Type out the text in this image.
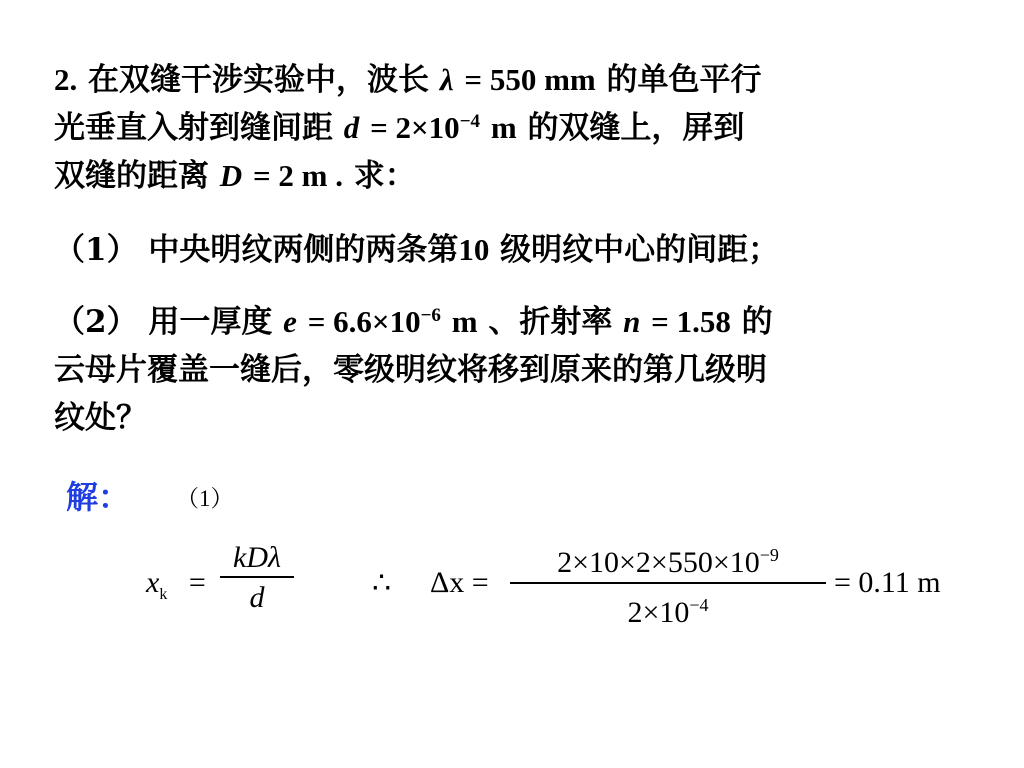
2. 在双缝干涉实验中，波长 λ = 550 mm 的单色平行
光垂直入射到缝间距 $d = 2\times 10^{-4}$ m 的双缝上，屏到
双缝的距离 D = 2 m . 求：
（1） 中央明纹两侧的两条第10 级明纹中心的间距；
（2） 用一厚度 $e = 6.6\times 10^{-6}$ m 、折射率 n = 1.58 的
云母片覆盖一缝后，零级明纹将移到原来的第几级明
纹处？
解： （1）
$x_k$ =
kDλ
d	∴ Δx =
$2\times 10\times 2\times 550\times 10^{-9}$
$2\times 10^{-4}$
= 0.11 m
